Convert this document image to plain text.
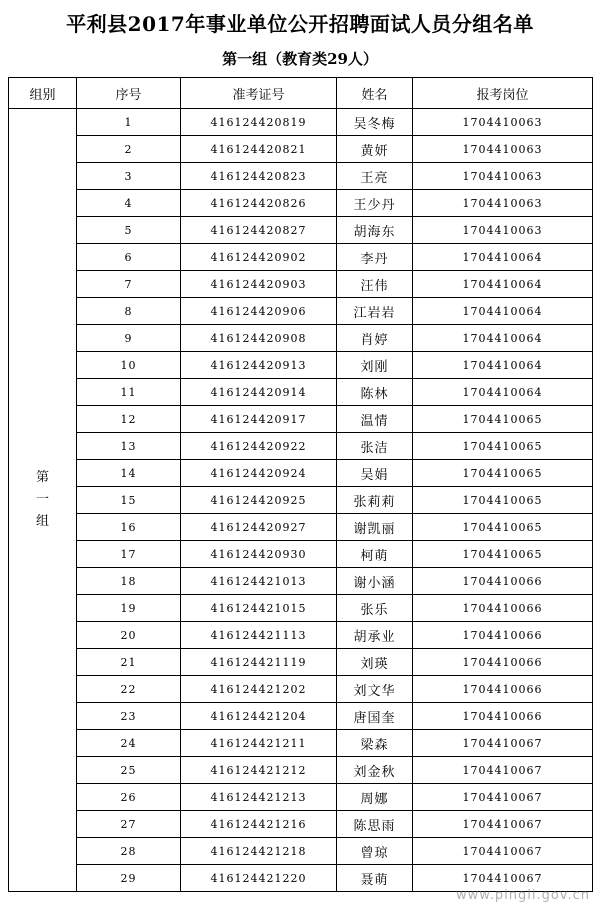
平利县2017年事业单位公开招聘面试人员分组名单
第一组（教育类29人）
组别	序号	准考证号	姓名	报考岗位
第一组	1	416124420819	吴冬梅	1704410063
	2	416124420821	黄妍	1704410063
	3	416124420823	王亮	1704410063
	4	416124420826	王少丹	1704410063
	5	416124420827	胡海东	1704410063
	6	416124420902	李丹	1704410064
	7	416124420903	汪伟	1704410064
	8	416124420906	江岩岩	1704410064
	9	416124420908	肖婷	1704410064
	10	416124420913	刘刚	1704410064
	11	416124420914	陈林	1704410064
	12	416124420917	温情	1704410065
	13	416124420922	张洁	1704410065
	14	416124420924	吴娟	1704410065
	15	416124420925	张莉莉	1704410065
	16	416124420927	谢凯丽	1704410065
	17	416124420930	柯萌	1704410065
	18	416124421013	谢小涵	1704410066
	19	416124421015	张乐	1704410066
	20	416124421113	胡承业	1704410066
	21	416124421119	刘瑛	1704410066
	22	416124421202	刘文华	1704410066
	23	416124421204	唐国奎	1704410066
	24	416124421211	梁森	1704410067
	25	416124421212	刘金秋	1704410067
	26	416124421213	周娜	1704410067
	27	416124421216	陈思雨	1704410067
	28	416124421218	曾琼	1704410067
	29	416124421220	聂萌	1704410067
www.pingli.gov.cn
